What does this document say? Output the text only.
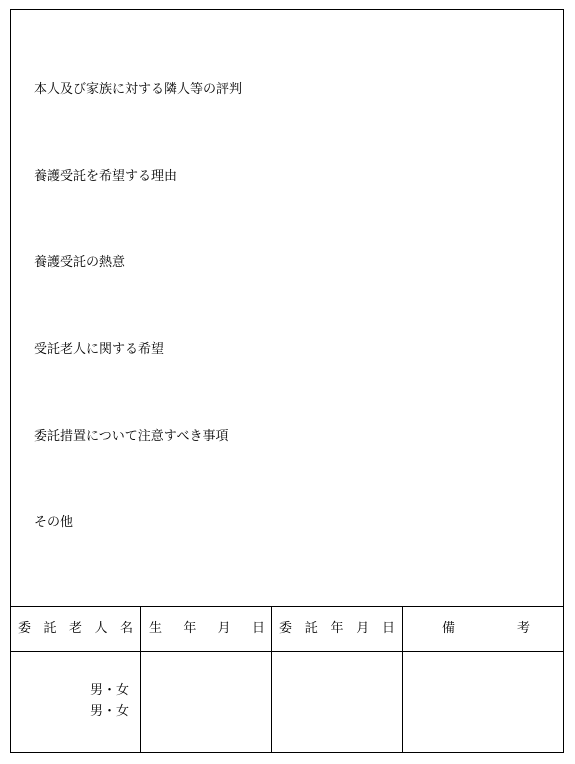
本人及び家族に対する隣人等の評判
養護受託を希望する理由
養護受託の熱意
受託老人に関する希望
委託措置について注意すべき事項
その他
委 託 老 人 名 生 年 月 日 委 託 年 月 日	備	考
男・女
男・女
